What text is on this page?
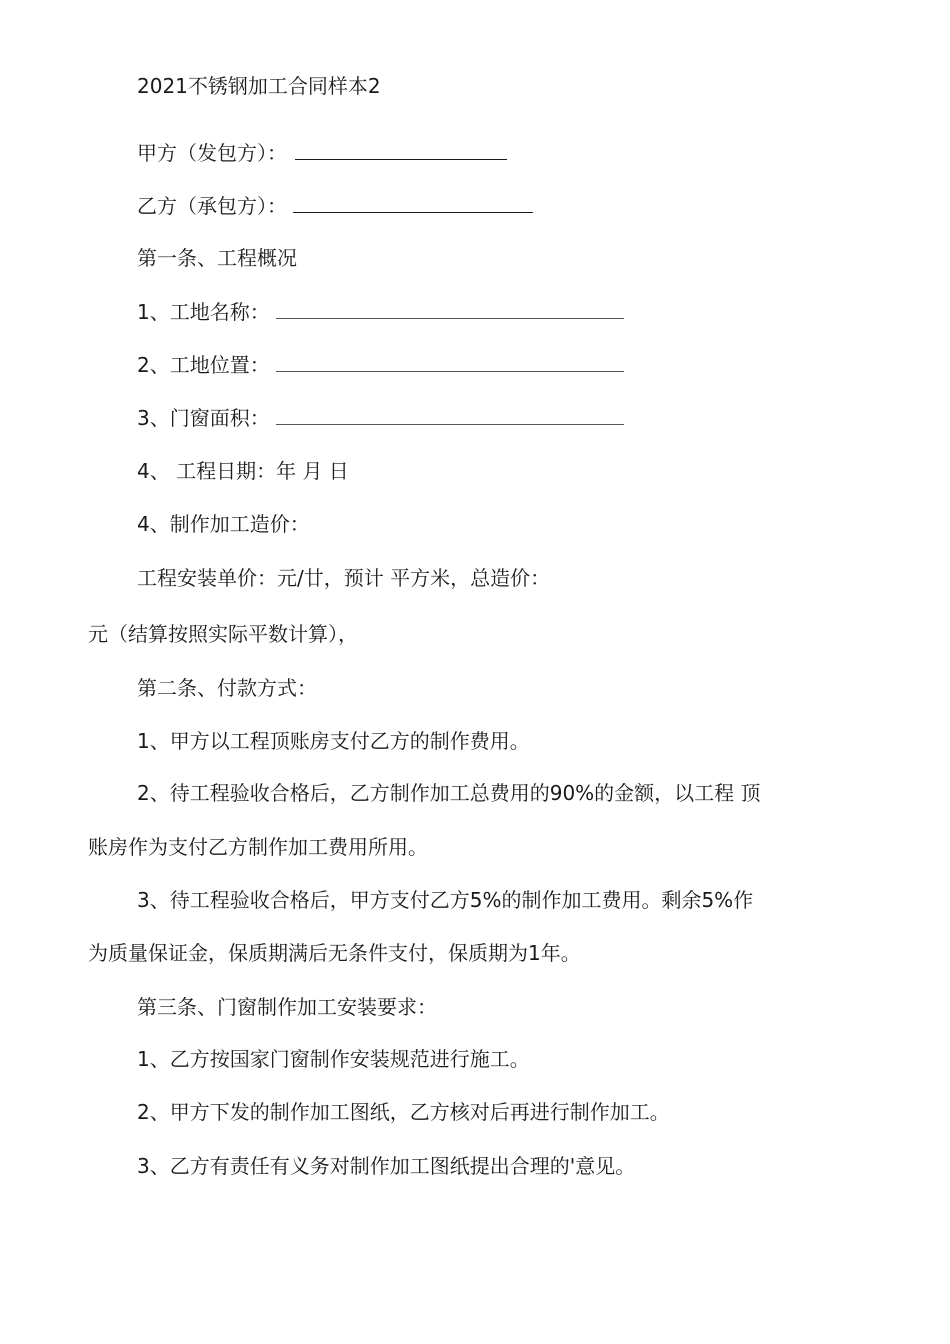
2021不锈钢加工合同样本2
甲方（发包方）：
乙方（承包方）：
第一条、工程概况
1、工地名称：
2、工地位置：
3、门窗面积：
4、 工程日期：年 月 日
4、制作加工造价：
工程安装单价：元/廿，预计 平方米，总造价：
元（结算按照实际平数计算），
第二条、付款方式：
1、甲方以工程顶账房支付乙方的制作费用。
2、待工程验收合格后，乙方制作加工总费用的90%的金额，以工程 顶
账房作为支付乙方制作加工费用所用。
3、待工程验收合格后，甲方支付乙方5%的制作加工费用。剩余5%作
为质量保证金，保质期满后无条件支付，保质期为1年。
第三条、门窗制作加工安装要求：
1、乙方按国家门窗制作安装规范进行施工。
2、甲方下发的制作加工图纸，乙方核对后再进行制作加工。
3、乙方有责任有义务对制作加工图纸提出合理的'意见。
